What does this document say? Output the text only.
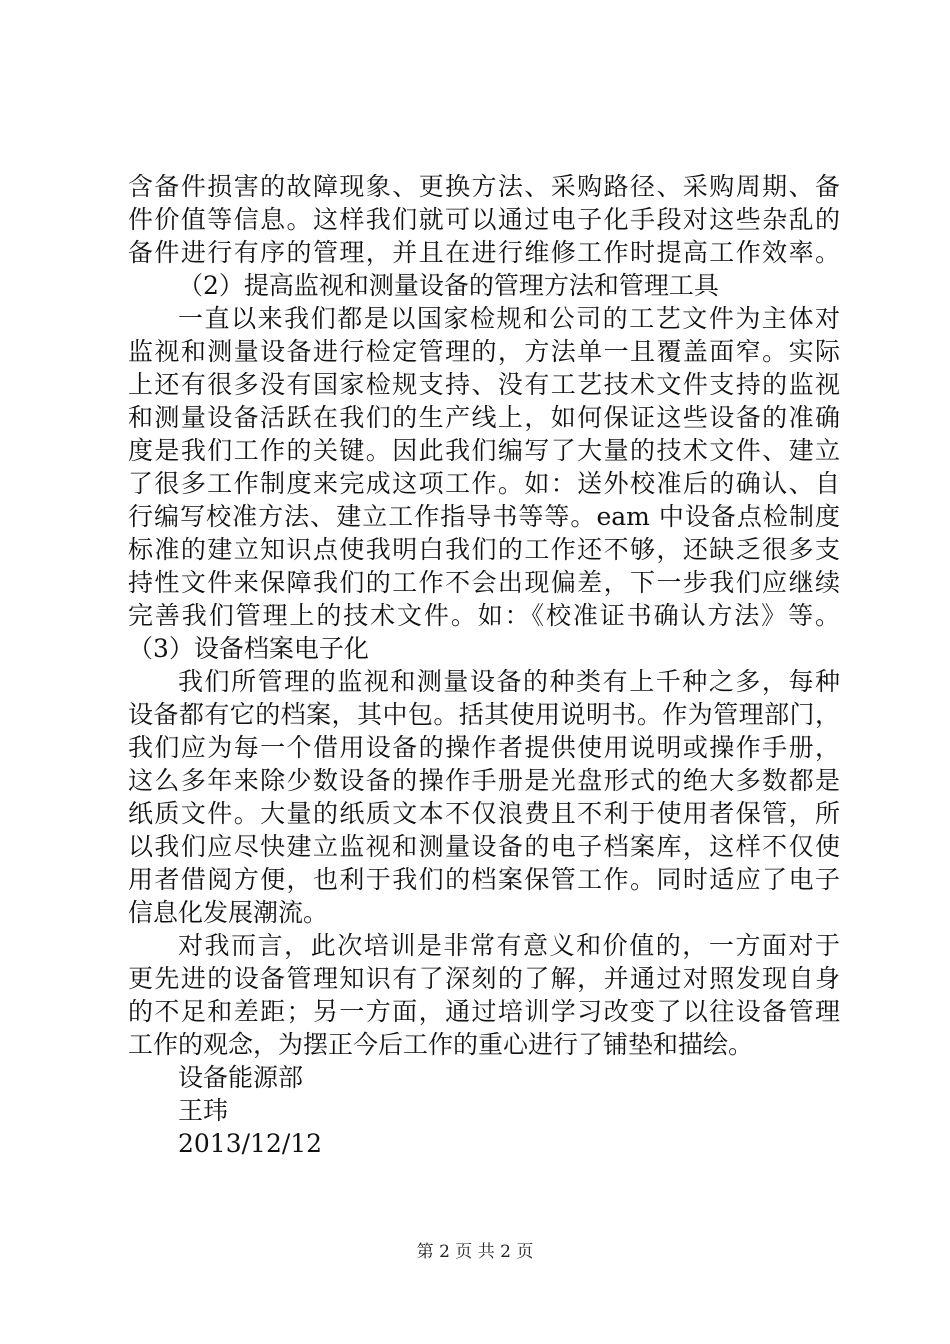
含备件损害的故障现象、更换方法、采购路径、采购周期、备
件价值等信息。这样我们就可以通过电子化手段对这些杂乱的
备件进行有序的管理，并且在进行维修工作时提高工作效率。
（2）提高监视和测量设备的管理方法和管理工具
一直以来我们都是以国家检规和公司的工艺文件为主体对
监视和测量设备进行检定管理的，方法单一且覆盖面窄。实际
上还有很多没有国家检规支持、没有工艺技术文件支持的监视
和测量设备活跃在我们的生产线上，如何保证这些设备的准确
度是我们工作的关键。因此我们编写了大量的技术文件、建立
了很多工作制度来完成这项工作。如：送外校准后的确认、自
行编写校准方法、建立工作指导书等等。eam 中设备点检制度
标准的建立知识点使我明白我们的工作还不够，还缺乏很多支
持性文件来保障我们的工作不会出现偏差，下一步我们应继续
完善我们管理上的技术文件。如：《校准证书确认方法》等。
（3）设备档案电子化
我们所管理的监视和测量设备的种类有上千种之多，每种
设备都有它的档案，其中包。括其使用说明书。作为管理部门，
我们应为每一个借用设备的操作者提供使用说明或操作手册，
这么多年来除少数设备的操作手册是光盘形式的绝大多数都是
纸质文件。大量的纸质文本不仅浪费且不利于使用者保管，所
以我们应尽快建立监视和测量设备的电子档案库，这样不仅使
用者借阅方便，也利于我们的档案保管工作。同时适应了电子
信息化发展潮流。
对我而言，此次培训是非常有意义和价值的，一方面对于
更先进的设备管理知识有了深刻的了解，并通过对照发现自身
的不足和差距；另一方面，通过培训学习改变了以往设备管理
工作的观念，为摆正今后工作的重心进行了铺垫和描绘。
设备能源部
王玮
2013/12/12
第 2 页 共 2 页
